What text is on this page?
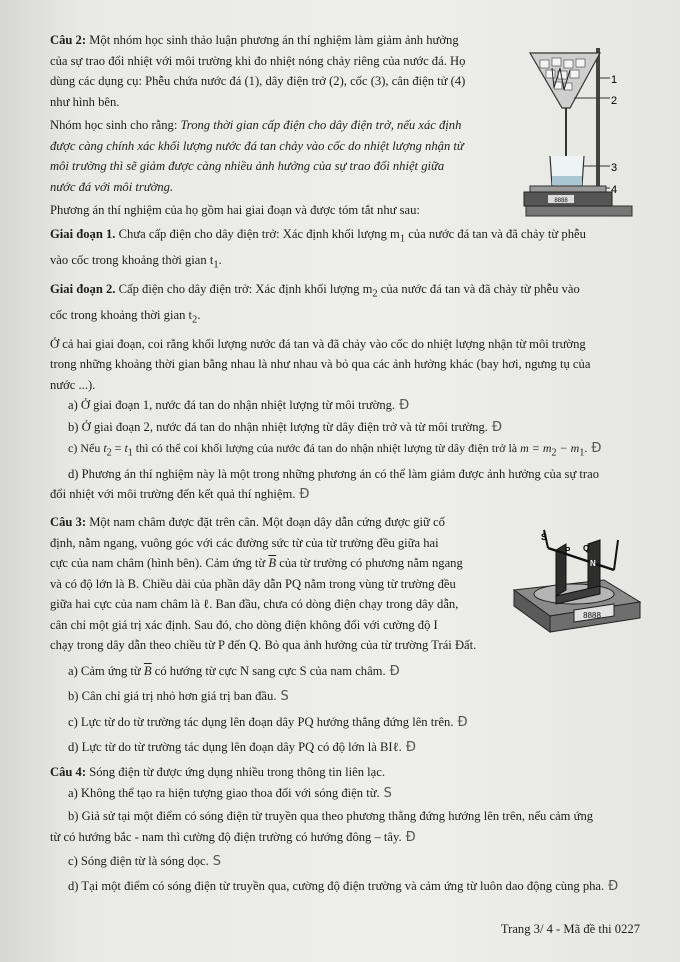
8888
1
2
3
4

Câu 2: Một nhóm học sinh thảo luận phương án thí nghiệm làm giảm ảnh hưởng

của sự trao đổi nhiệt với môi trường khi đo nhiệt nóng chảy riêng của nước đá. Họ

dùng các dụng cụ: Phễu chứa nước đá (1), dây điện trở (2), cốc (3), cân điện tử (4)

như hình bên.

Nhóm học sinh cho rằng: Trong thời gian cấp điện cho dây điện trở, nếu xác định

được càng chính xác khối lượng nước đá tan chảy vào cốc do nhiệt lượng nhận từ

môi trường thì sẽ giảm được càng nhiều ảnh hưởng của sự trao đổi nhiệt giữa

nước đá với môi trường.

Phương án thí nghiệm của họ gồm hai giai đoạn và được tóm tắt như sau:

Giai đoạn 1. Chưa cấp điện cho dây điện trở: Xác định khối lượng $m_1$ của nước đá tan và đã chảy từ phễu

vào cốc trong khoảng thời gian $t_1$.

Giai đoạn 2. Cấp điện cho dây điện trở: Xác định khối lượng $m_2$ của nước đá tan và đã chảy từ phễu vào

cốc trong khoảng thời gian $t_2$.

Ở cả hai giai đoạn, coi rằng khối lượng nước đá tan và đã chảy vào cốc do nhiệt lượng nhận từ môi trường

trong những khoảng thời gian bằng nhau là như nhau và bỏ qua các ảnh hưởng khác (bay hơi, ngưng tụ của

nước ...).

a) Ở giai đoạn 1, nước đá tan do nhận nhiệt lượng từ môi trường. Đ

b) Ở giai đoạn 2, nước đá tan do nhận nhiệt lượng từ dây điện trở và từ môi trường. Đ

c) Nếu $t_2 = t_1$ thì có thể coi khối lượng của nước đá tan do nhận nhiệt lượng từ dây điện trở là $m = m_2 - m_1$. Đ

d) Phương án thí nghiệm này là một trong những phương án có thể làm giảm được ảnh hưởng của sự trao

đổi nhiệt với môi trường đến kết quả thí nghiệm. Đ

8888
S
P Q
N

Câu 3: Một nam châm được đặt trên cân. Một đoạn dây dẫn cứng được giữ cố

định, nằm ngang, vuông góc với các đường sức từ của từ trường đều giữa hai

cực của nam châm (hình bên). Cảm ứng từ $\overline{B}$ của từ trường có phương nằm ngang

và có độ lớn là B. Chiều dài của phần dây dẫn PQ nằm trong vùng từ trường đều

giữa hai cực của nam châm là ℓ. Ban đầu, chưa có dòng điện chạy trong dây dẫn,

cân chỉ một giá trị xác định. Sau đó, cho dòng điện không đổi với cường độ I

chạy trong dây dẫn theo chiều từ P đến Q. Bỏ qua ảnh hưởng của từ trường Trái Đất.

a) Cảm ứng từ $\overline{B}$ có hướng từ cực N sang cực S của nam châm. Đ

b) Cân chỉ giá trị nhỏ hơn giá trị ban đầu. S

c) Lực từ do từ trường tác dụng lên đoạn dây PQ hướng thẳng đứng lên trên. Đ

d) Lực từ do từ trường tác dụng lên đoạn dây PQ có độ lớn là BIℓ. Đ

Câu 4: Sóng điện từ được ứng dụng nhiều trong thông tin liên lạc.

a) Không thể tạo ra hiện tượng giao thoa đối với sóng điện từ. S

b) Giả sử tại một điểm có sóng điện từ truyền qua theo phương thẳng đứng hướng lên trên, nếu cảm ứng

từ có hướng bắc - nam thì cường độ điện trường có hướng đông – tây. Đ

c) Sóng điện từ là sóng dọc. S

d) Tại một điểm có sóng điện từ truyền qua, cường độ điện trường và cảm ứng từ luôn dao động cùng pha. Đ

Trang 3/ 4 - Mã đề thi 0227
